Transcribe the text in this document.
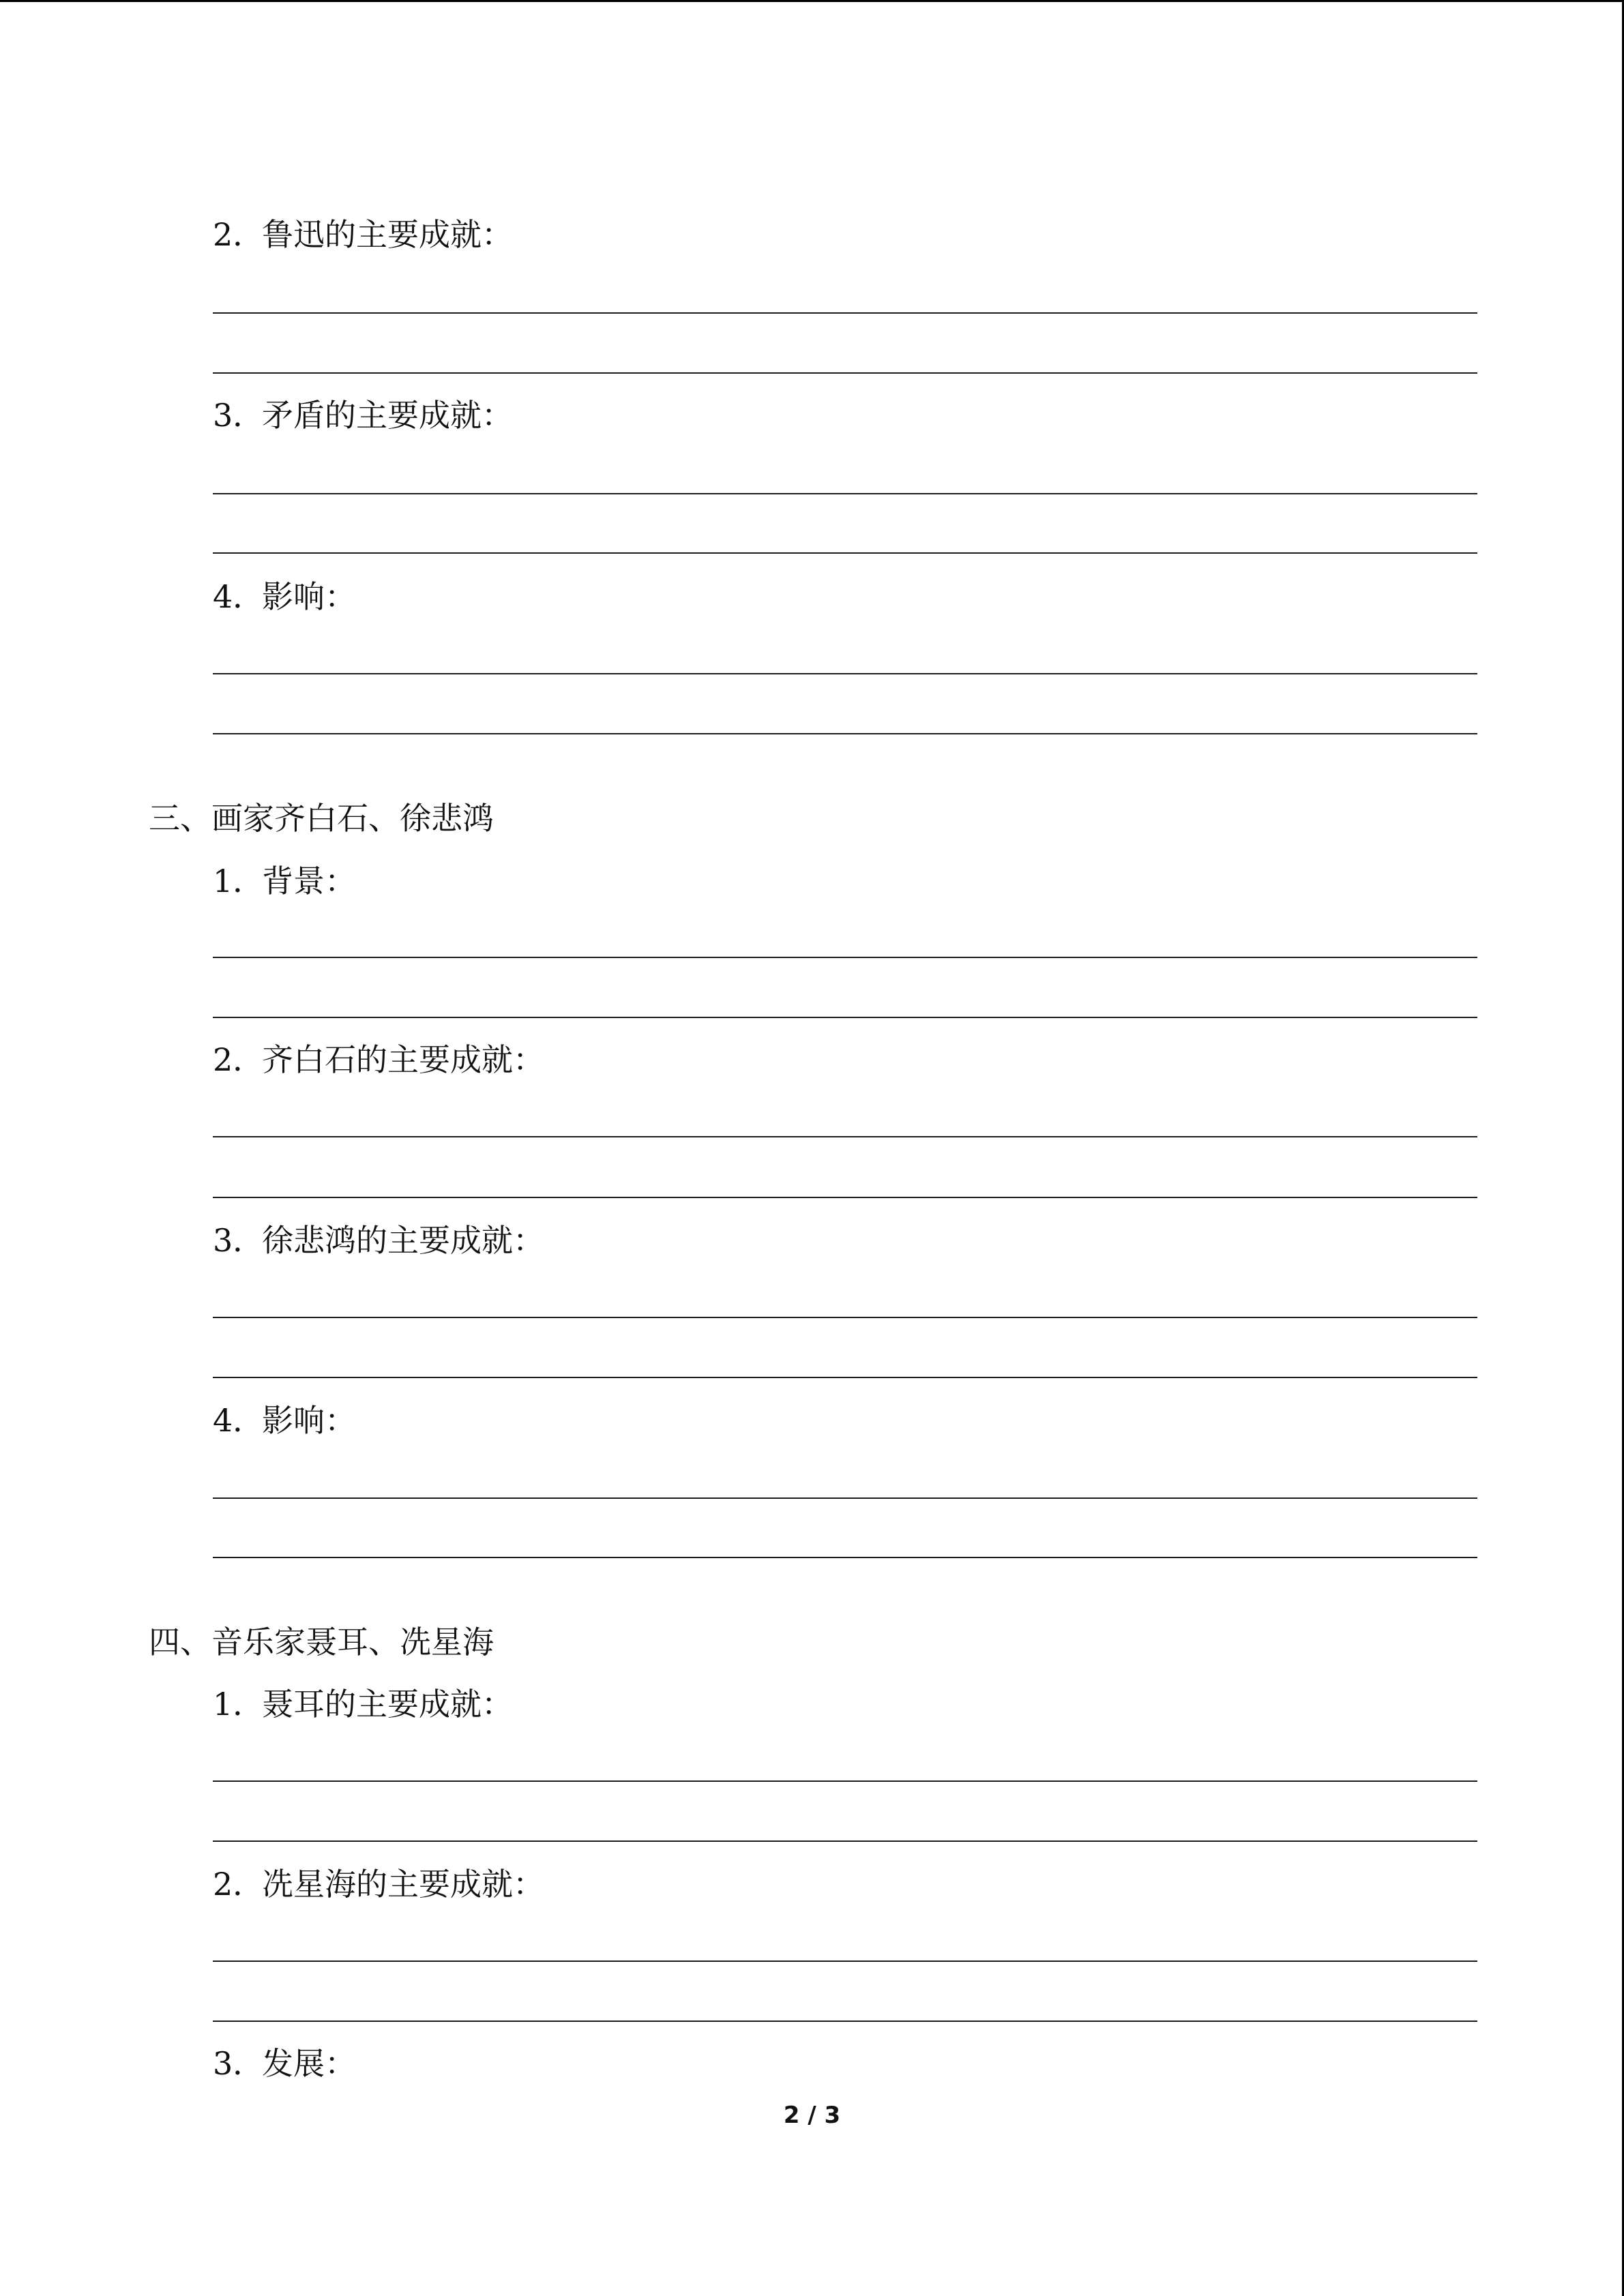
2．鲁迅的主要成就：
3．矛盾的主要成就：
4．影响：
三、画家齐白石、徐悲鸿
1．背景：
2．齐白石的主要成就：
3．徐悲鸿的主要成就：
4．影响：
四、音乐家聂耳、冼星海
1．聂耳的主要成就：
2．冼星海的主要成就：
3．发展：
2 / 3
